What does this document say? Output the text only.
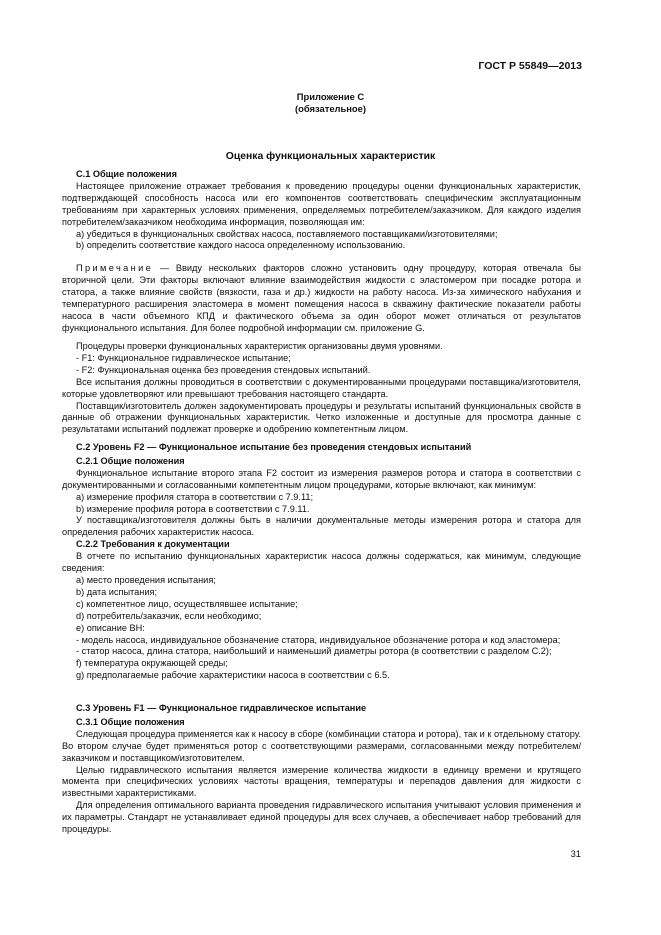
ГОСТ Р 55849—2013
Приложение С
(обязательное)
Оценка функциональных характеристик

С.1 Общие положения

Настоящее приложение отражает требования к проведению процедуры оценки функциональных характеристик, подтверждающей способность насоса или его компонентов соответствовать специфическим эксплуатационным требованиям при характерных условиях применения, определяемых потребителем/заказчиком. Для каждого изделия потребителем/заказчиком необходима информация, позволяющая им:

a) убедиться в функциональных свойствах насоса, поставляемого поставщиками/изготовителями;

b) определить соответствие каждого насоса определенному использованию.

Примечание — Ввиду нескольких факторов сложно установить одну процедуру, которая отвечала бы вторичной цели. Эти факторы включают влияние взаимодействия жидкости с эластомером при посадке ротора и статора, а также влияние свойств (вязкости, газа и др.) жидкости на работу насоса. Из-за химического набухания и температурного расширения эластомера в момент помещения насоса в скважину фактические показатели работы насоса в части объемного КПД и фактического объема за один оборот может отличаться от результатов функционального испытания. Для более подробной информации см. приложение G.

Процедуры проверки функциональных характеристик организованы двумя уровнями.

- F1: Функциональное гидравлическое испытание;

- F2: Функциональная оценка без проведения стендовых испытаний.

Все испытания должны проводиться в соответствии с документированными процедурами поставщика/изготовителя, которые удовлетворяют или превышают требования настоящего стандарта.

Поставщик/изготовитель должен задокументировать процедуры и результаты испытаний функциональных свойств в данные об отражении функциональных характеристик. Четко изложенные и доступные для просмотра данные с результатами испытаний подлежат проверке и одобрению компетентным лицом.

С.2 Уровень F2 — Функциональное испытание без проведения стендовых испытаний

С.2.1 Общие положения

Функциональное испытание второго этапа F2 состоит из измерения размеров ротора и статора в соответствии с документированными и согласованными компетентным лицом процедурами, которые включают, как минимум:

a) измерение профиля статора в соответствии с 7.9.11;

b) измерение профиля ротора в соответствии с 7.9.11.

У поставщика/изготовителя должны быть в наличии документальные методы измерения ротора и статора для определения рабочих характеристик насоса.

С.2.2 Требования к документации

В отчете по испытанию функциональных характеристик насоса должны содержаться, как минимум, следующие сведения:

a) место проведения испытания;

b) дата испытания;

c) компетентное лицо, осуществлявшее испытание;

d) потребитель/заказчик, если необходимо;

e) описание ВН:

- модель насоса, индивидуальное обозначение статора, индивидуальное обозначение ротора и код эластомера;

- статор насоса, длина статора, наибольший и наименьший диаметры ротора (в соответствии с разделом С.2);

f) температура окружающей среды;

g) предполагаемые рабочие характеристики насоса в соответствии с 6.5.

С.3 Уровень F1 — Функциональное гидравлическое испытание

С.3.1 Общие положения

Следующая процедура применяется как к насосу в сборе (комбинации статора и ротора), так и к отдельному статору. Во втором случае будет применяться ротор с соответствующими размерами, согласованными между потребителем/заказчиком и поставщиком/изготовителем.

Целью гидравлического испытания является измерение количества жидкости в единицу времени и крутящего момента при специфических условиях частоты вращения, температуры и перепадов давления для жидкости с известными характеристиками.

Для определения оптимального варианта проведения гидравлического испытания учитывают условия применения и их параметры. Стандарт не устанавливает единой процедуры для всех случаев, а обеспечивает набор требований для процедуры.

31
